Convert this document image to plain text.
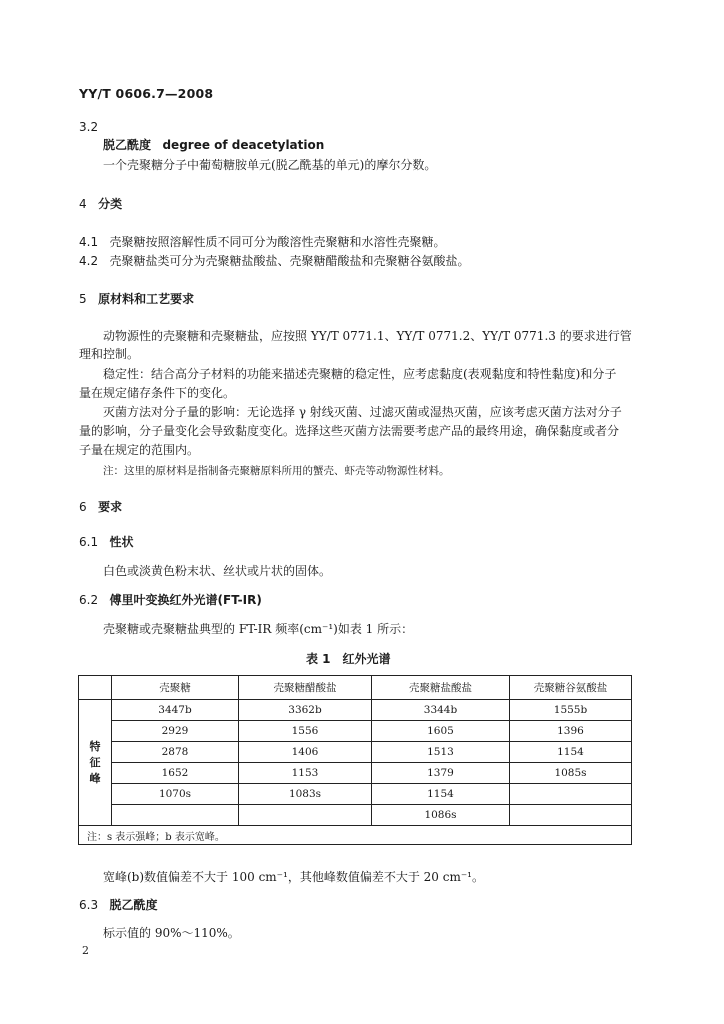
YY/T 0606.7—2008
3.2
脱乙酰度 degree of deacetylation
一个壳聚糖分子中葡萄糖胺单元(脱乙酰基的单元)的摩尔分数。
4 分类
4.1 壳聚糖按照溶解性质不同可分为酸溶性壳聚糖和水溶性壳聚糖。
4.2 壳聚糖盐类可分为壳聚糖盐酸盐、壳聚糖醋酸盐和壳聚糖谷氨酸盐。
5 原材料和工艺要求
动物源性的壳聚糖和壳聚糖盐，应按照 YY/T 0771.1、YY/T 0771.2、YY/T 0771.3 的要求进行管
理和控制。
稳定性：结合高分子材料的功能来描述壳聚糖的稳定性，应考虑黏度(表观黏度和特性黏度)和分子
量在规定储存条件下的变化。
灭菌方法对分子量的影响：无论选择 γ 射线灭菌、过滤灭菌或湿热灭菌，应该考虑灭菌方法对分子
量的影响，分子量变化会导致黏度变化。选择这些灭菌方法需要考虑产品的最终用途，确保黏度或者分
子量在规定的范围内。
注：这里的原材料是指制备壳聚糖原料所用的蟹壳、虾壳等动物源性材料。
6 要求
6.1 性状
白色或淡黄色粉末状、丝状或片状的固体。
6.2 傅里叶变换红外光谱(FT-IR)
壳聚糖或壳聚糖盐典型的 FT-IR 频率(cm⁻¹)如表 1 所示：
表 1　红外光谱
	壳聚糖	壳聚糖醋酸盐	壳聚糖盐酸盐	壳聚糖谷氨酸盐
特
征
峰	3447b	3362b	3344b	1555b
	2929	1556	1605	1396
	2878	1406	1513	1154
	1652	1153	1379	1085s
	1070s	1083s	1154	
			1086s	
注：s 表示强峰；b 表示宽峰。				
宽峰(b)数值偏差不大于 100 cm⁻¹，其他峰数值偏差不大于 20 cm⁻¹。
6.3 脱乙酰度
标示值的 90%～110%。
2
